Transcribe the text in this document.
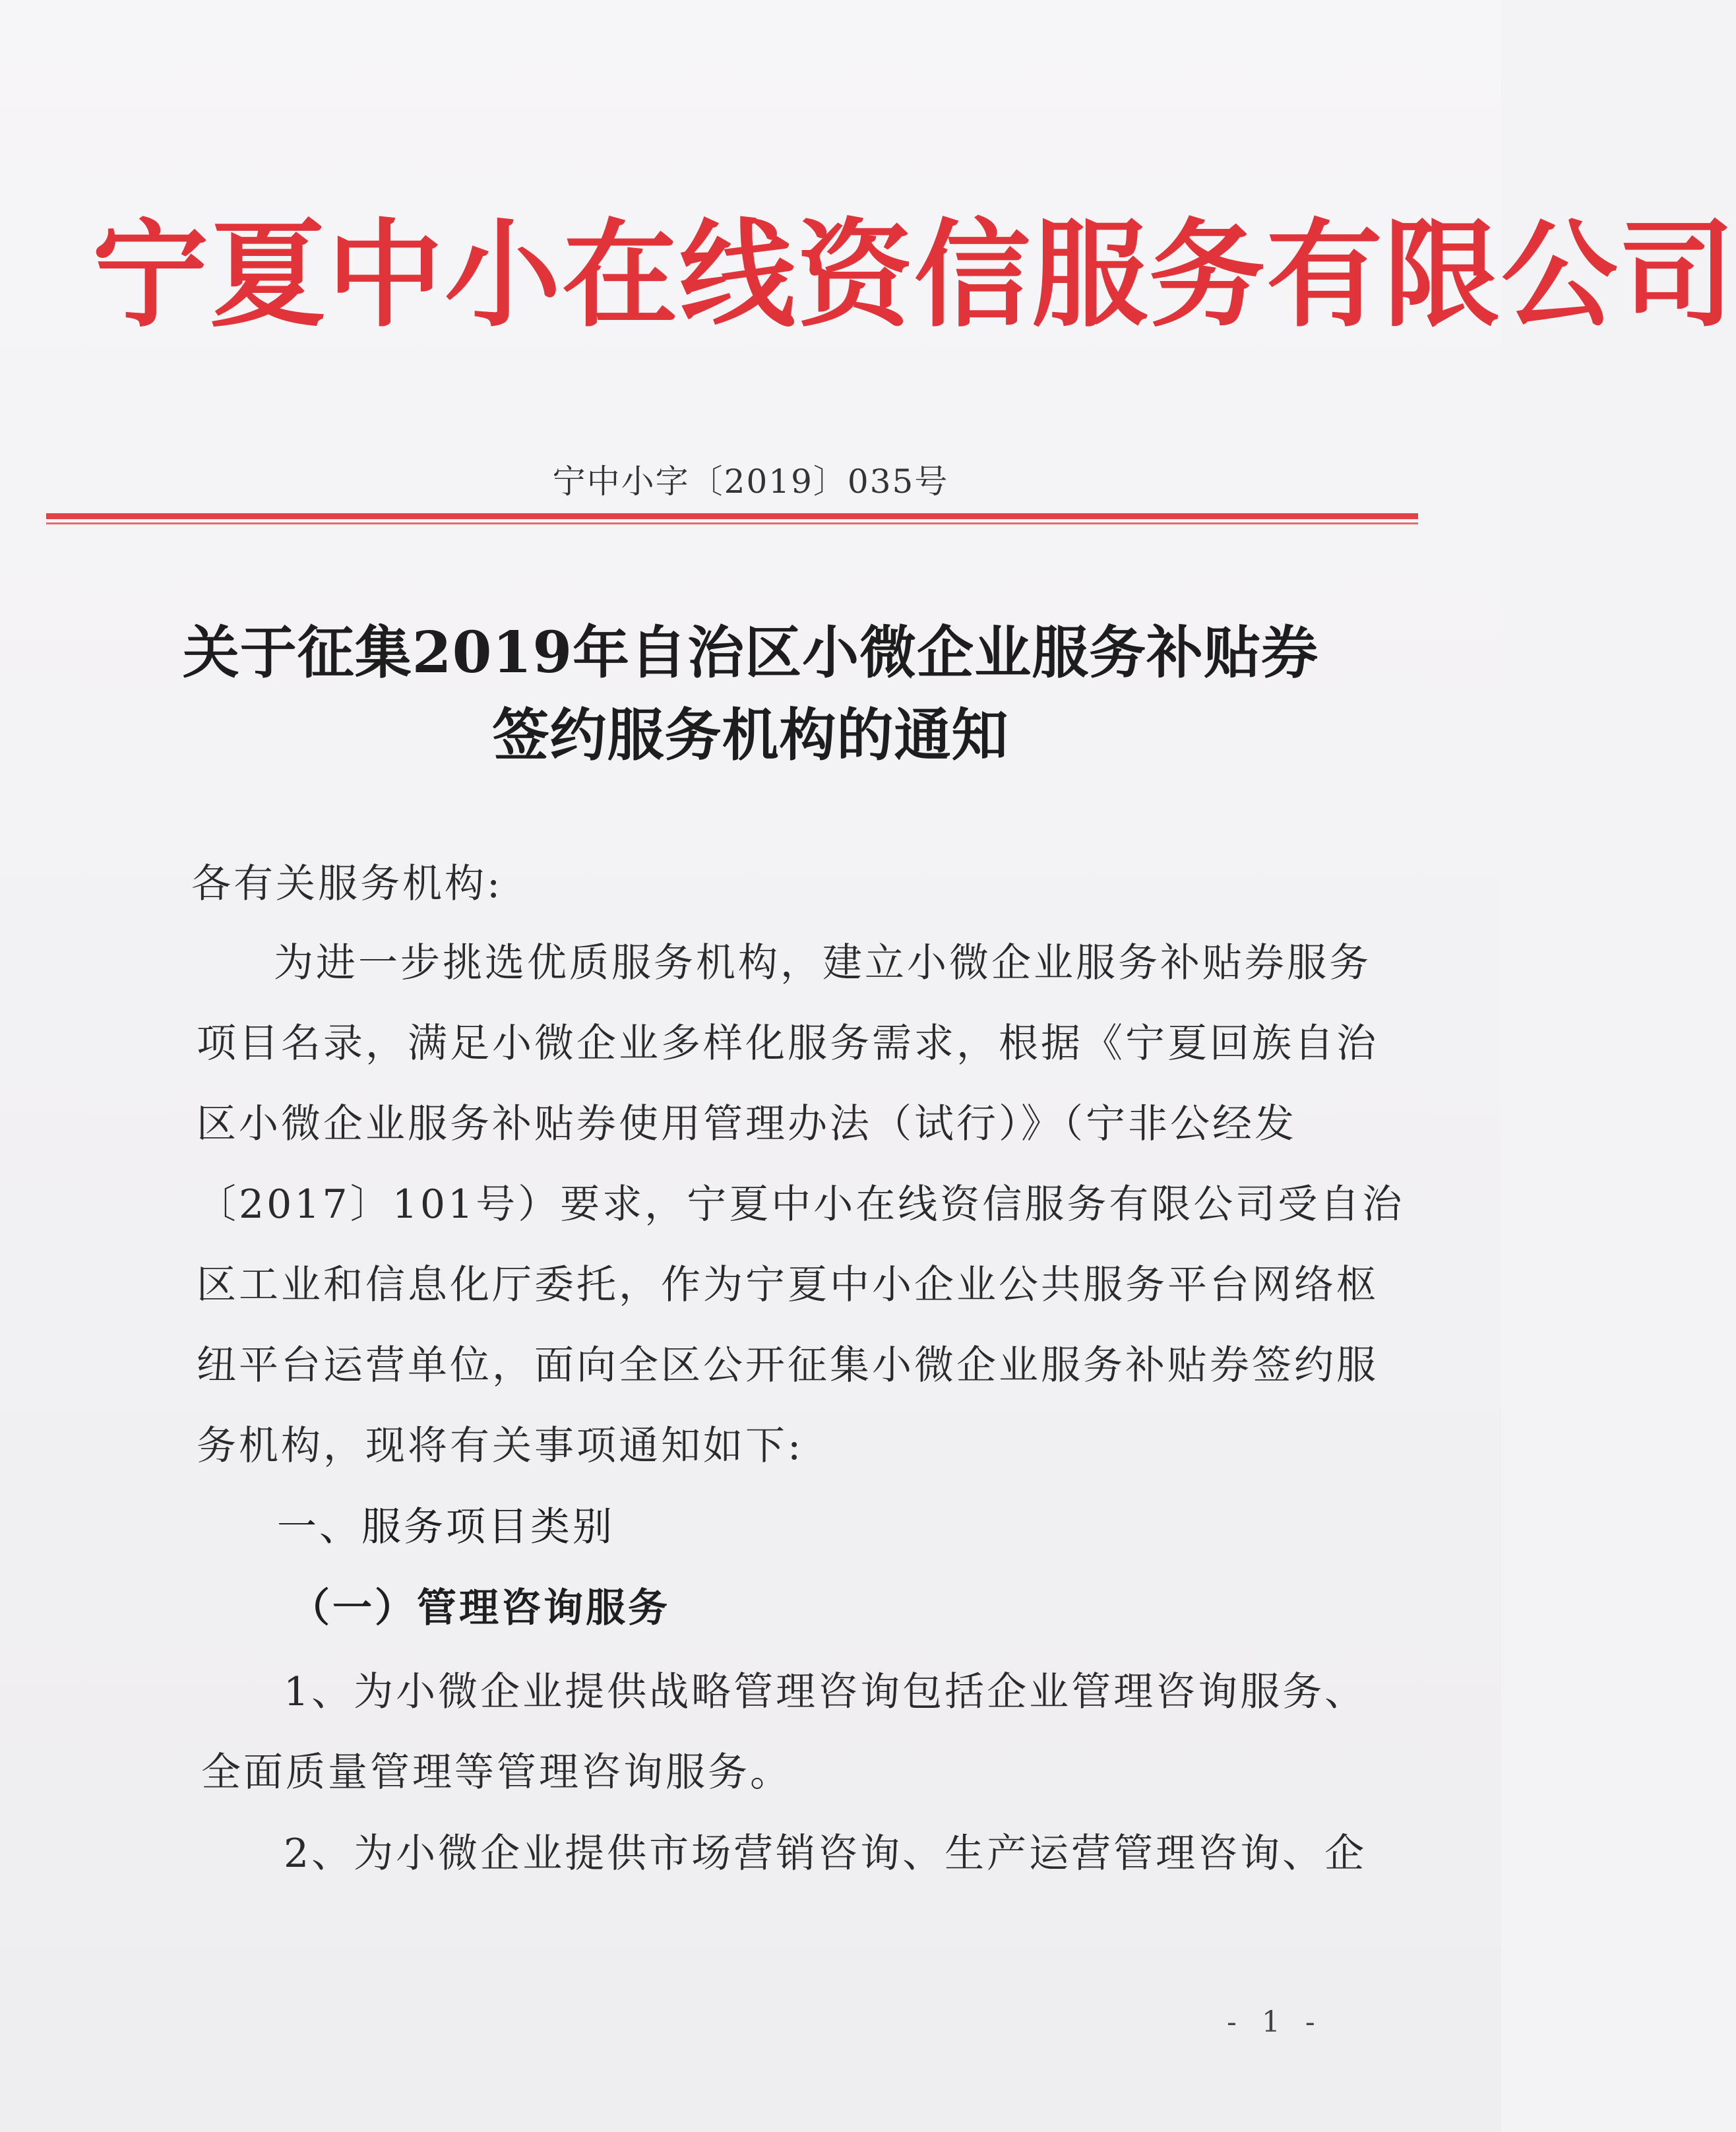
宁夏中小在线资信服务有限公司
宁中小字〔2019〕035号
关于征集2019年自治区小微企业服务补贴券
签约服务机构的通知
各有关服务机构:
为进一步挑选优质服务机构，建立小微企业服务补贴券服务
项目名录，满足小微企业多样化服务需求，根据《宁夏回族自治
区小微企业服务补贴券使用管理办法（试行）》（宁非公经发
〔2017〕101号）要求，宁夏中小在线资信服务有限公司受自治
区工业和信息化厅委托，作为宁夏中小企业公共服务平台网络枢
纽平台运营单位，面向全区公开征集小微企业服务补贴券签约服
务机构，现将有关事项通知如下:
一、服务项目类别
（一）管理咨询服务
1、为小微企业提供战略管理咨询包括企业管理咨询服务、
全面质量管理等管理咨询服务。
2、为小微企业提供市场营销咨询、生产运营管理咨询、企
- 1 -
